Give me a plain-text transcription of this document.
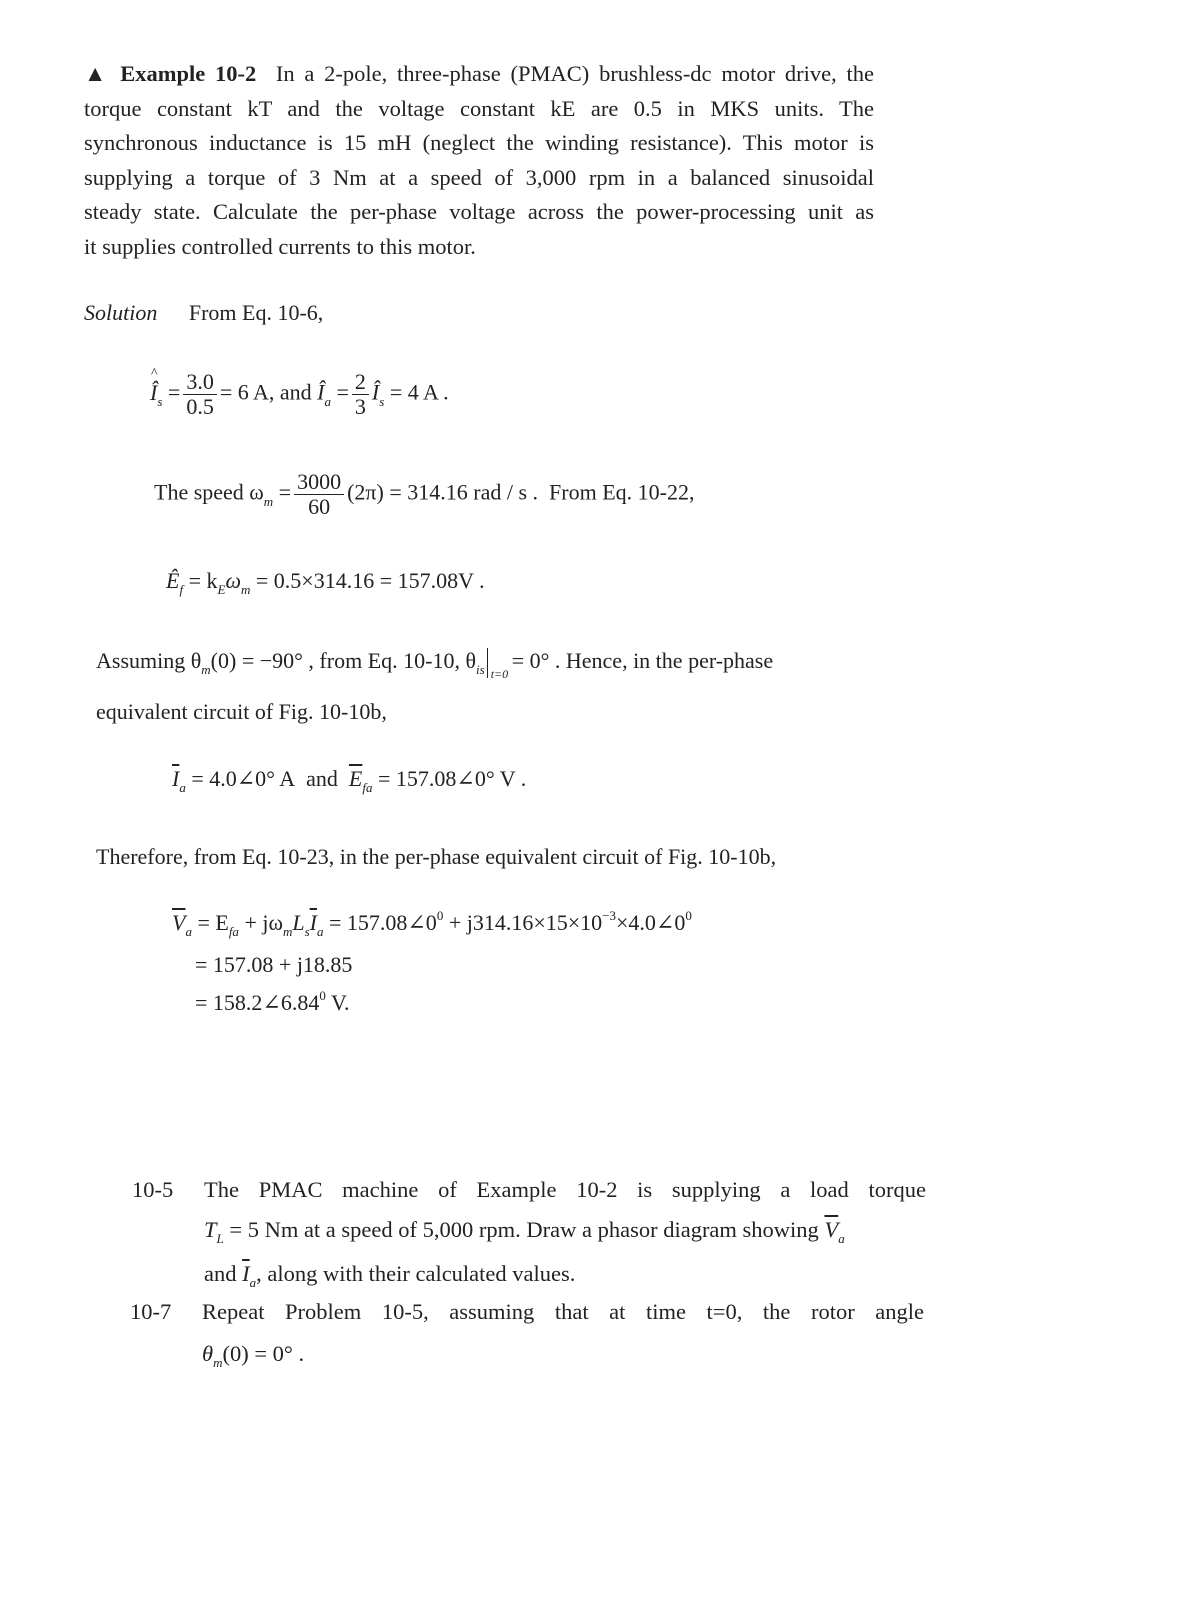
▲ Example 10-2 In a 2-pole, three-phase (PMAC) brushless-dc motor drive, the
torque constant kT and the voltage constant kE are 0.5 in MKS units. The
synchronous inductance is 15 mH (neglect the winding resistance). This motor is
supplying a torque of 3 Nm at a speed of 3,000 rpm in a balanced sinusoidal
steady state. Calculate the per-phase voltage across the power-processing unit as
it supplies controlled currents to this motor.
Solution From Eq. 10-6,
^ $Î_s = \frac{3.0}{0.5} = 6$ A, and $Î_a = \frac{2}{3}$ $Î_s = 4$ A .
The speed $\omega_m = \frac{3000}{60} (2\pi) = 314.16$ rad / s . From Eq. 10-22,
$Ê_f = k_E\omega_m = 0.5\times 314.16 = 157.08V$ .
Assuming $\theta_m(0) = -90^\circ$ , from Eq. 10-10, $\theta_{is}$ t=0
= 0° . Hence, in the per-phase
equivalent circuit of Fig. 10-10b,
$\overline{I}_a$ = 4.0∠0° A and $\overline{E}_{fa}$ = 157.08∠0° V .
Therefore, from Eq. 10-23, in the per-phase equivalent circuit of Fig. 10-10b,
$\overline{V}_a = E_{fa} + j\omega_mL_s\overline{I}_a$ = $157.08\angle 0^0$ + $j314.16\times 15\times 10^{-3}\times 4.0\angle 0^0$
= 157.08 + j18.85
= $158.2\angle 6.84^0$ V.
10-5 The PMAC machine of Example 10-2 is supplying a load torque
$T_L = 5$ Nm at a speed of 5,000 rpm. Draw a phasor diagram showing $\overline{V}_a$
and $\overline{I}_a$, along with their calculated values.
10-7 Repeat Problem 10-5, assuming that at time t=0, the rotor angle
$\theta_m(0) = 0^\circ$ .
